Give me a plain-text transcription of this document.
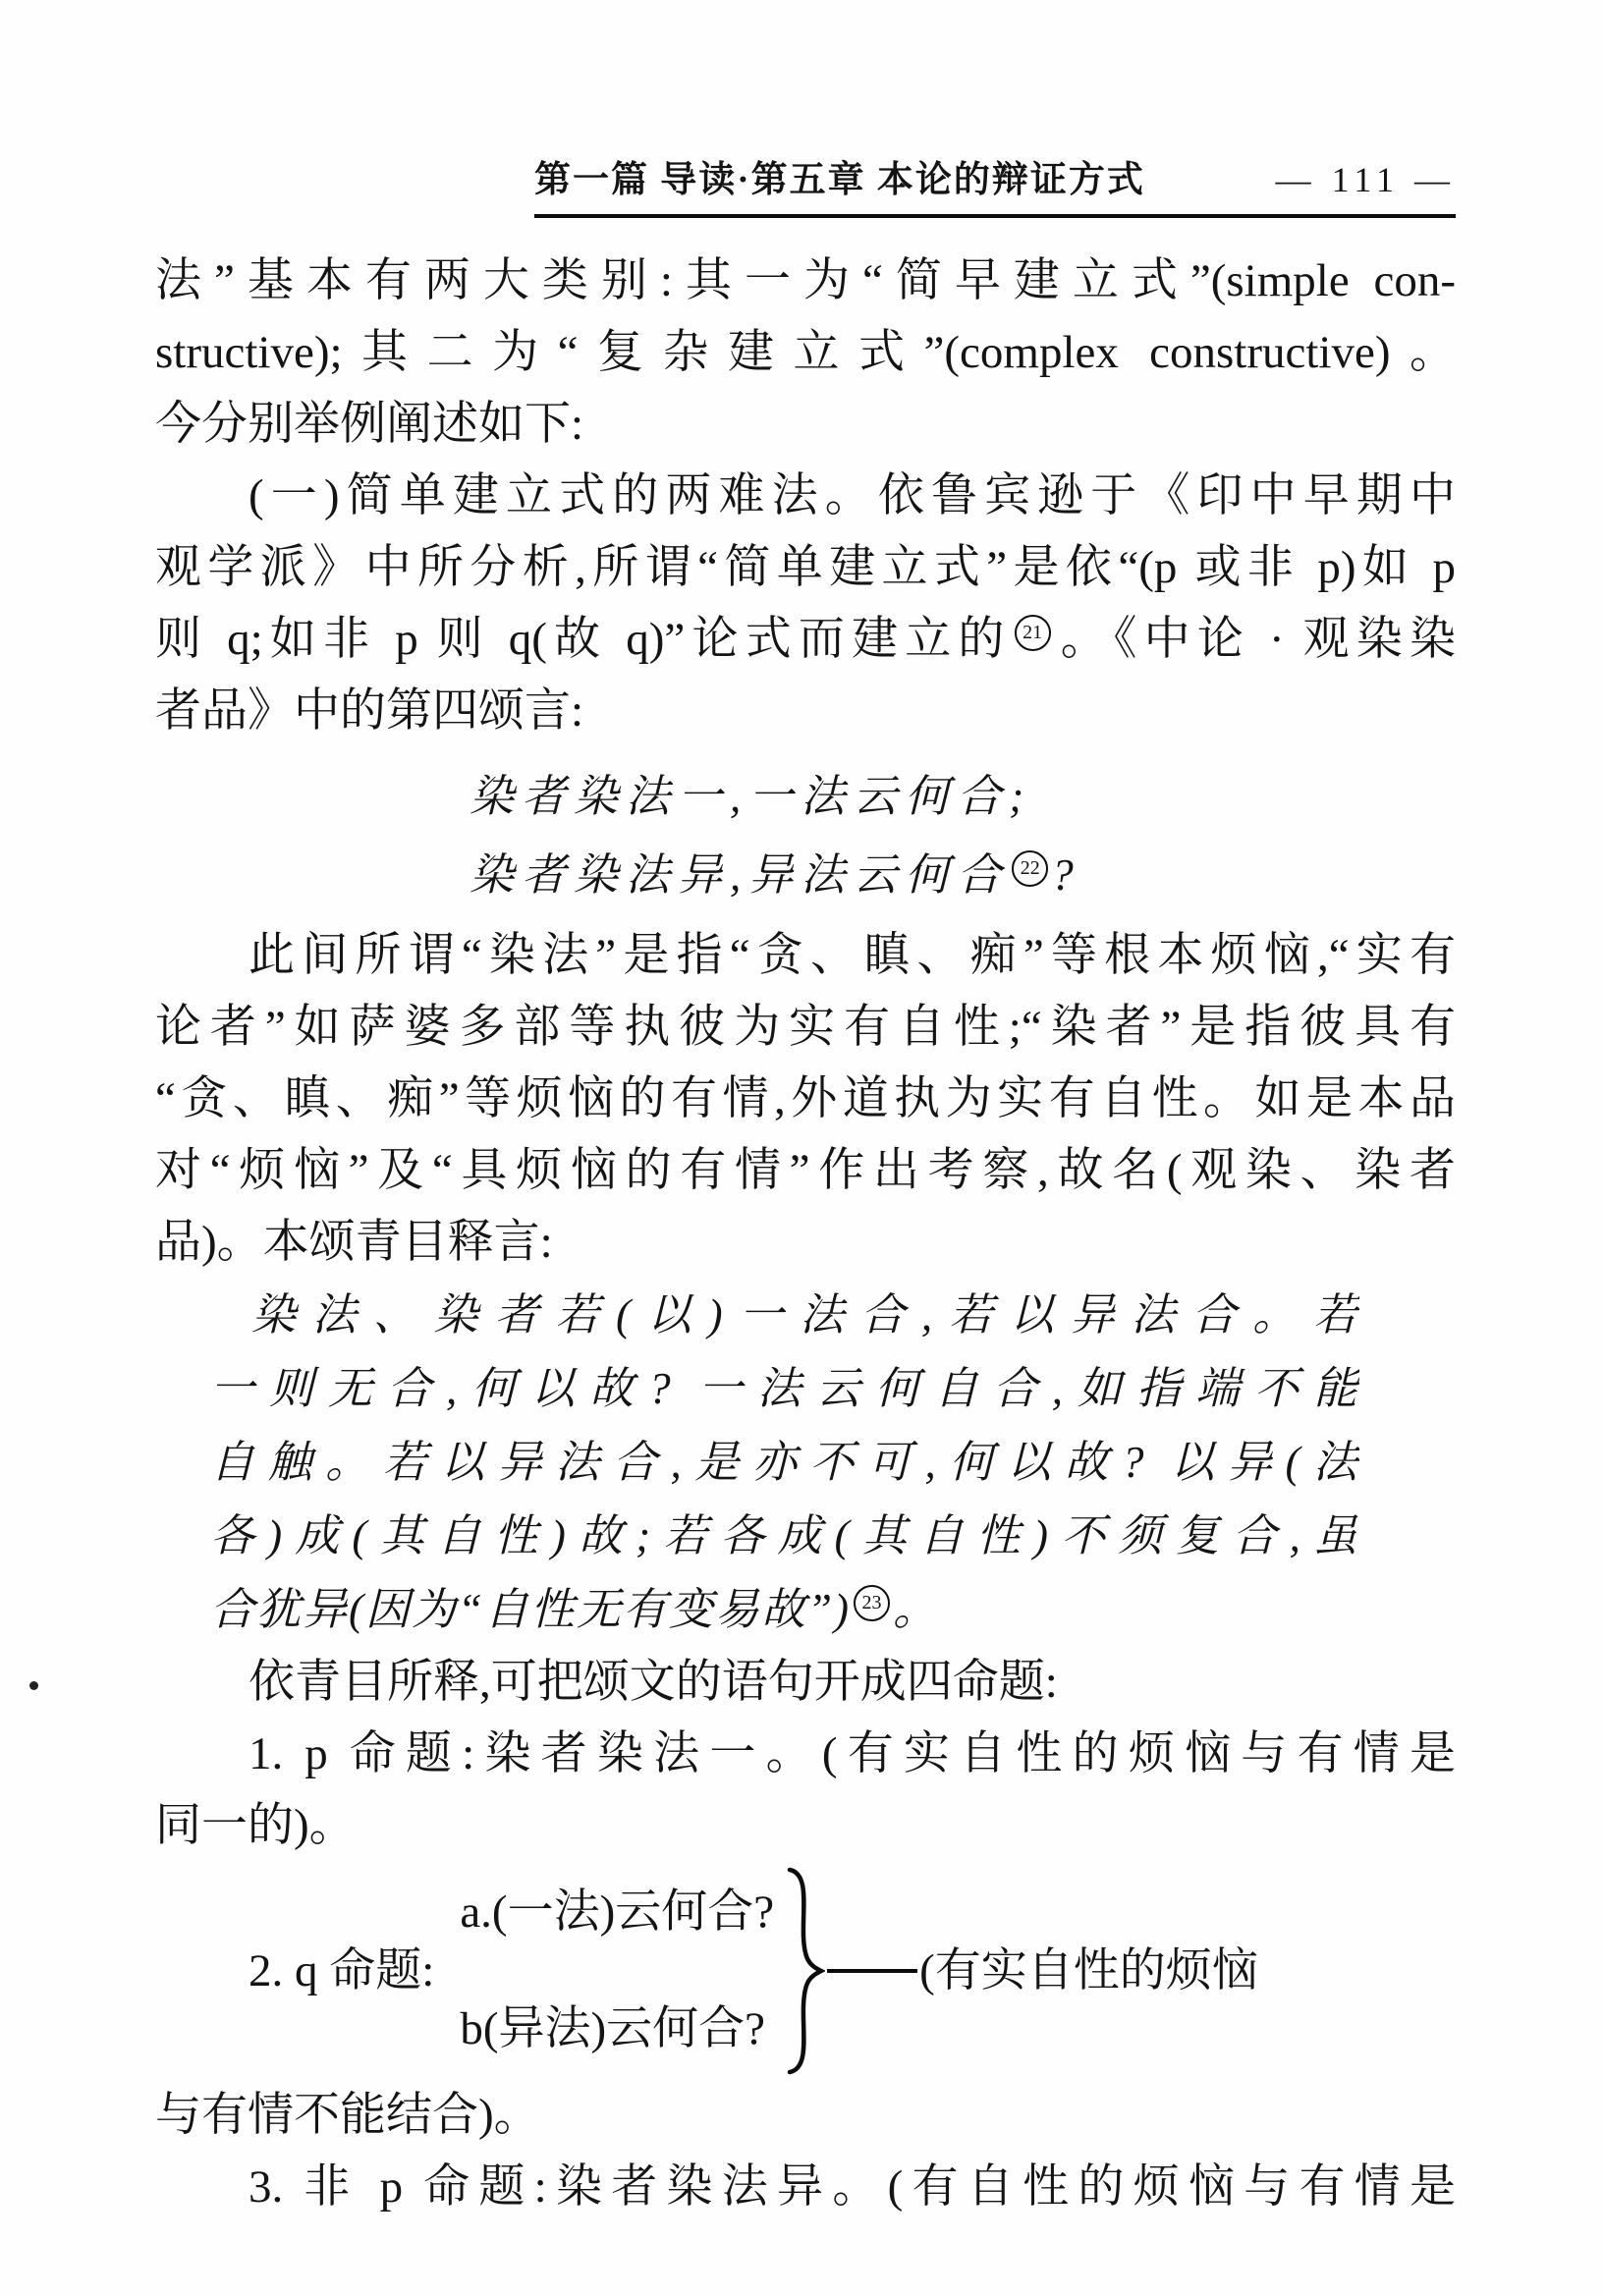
第一篇 导读·第五章 本论的辩证方式	— 111 —
法”基本有两大类别:其一为“简早建立式”(simple con-
structive);其二为“复杂建立式”(complex constructive)。
今分别举例阐述如下:
(一)简单建立式的两难法。依鲁宾逊于《印中早期中
观学派》中所分析,所谓“简单建立式”是依“(p 或非 p)如 p
则 q;如非 p 则 q(故 q)”论式而建立的 21 。《中论 · 观染染
者品》中的第四颂言:
染者染法一,一法云何合;
染者染法异,异法云何合 22 ?
此间所谓“染法”是指“贪、瞋、痴”等根本烦恼,“实有
论者”如萨婆多部等执彼为实有自性;“染者”是指彼具有
“贪、瞋、痴”等烦恼的有情,外道执为实有自性。如是本品
对“烦恼”及“具烦恼的有情”作出考察,故名(观染、染者
品)。本颂青目释言:
染法、染者若(以)一法合,若以异法合。若
一则无合,何以故? 一法云何自合,如指端不能
自触。若以异法合,是亦不可,何以故? 以异(法
各)成(其自性)故;若各成(其自性)不须复合,虽
合犹异(因为“自性无有变易故”) 23 。
依青目所释,可把颂文的语句开成四命题:
1. p 命题:染者染法一。(有实自性的烦恼与有情是
同一的)。
2. q 命题:
a.(一法)云何合?
b(异法)云何合?
(有实自性的烦恼
与有情不能结合)。
3. 非 p 命题:染者染法异。(有自性的烦恼与有情是
